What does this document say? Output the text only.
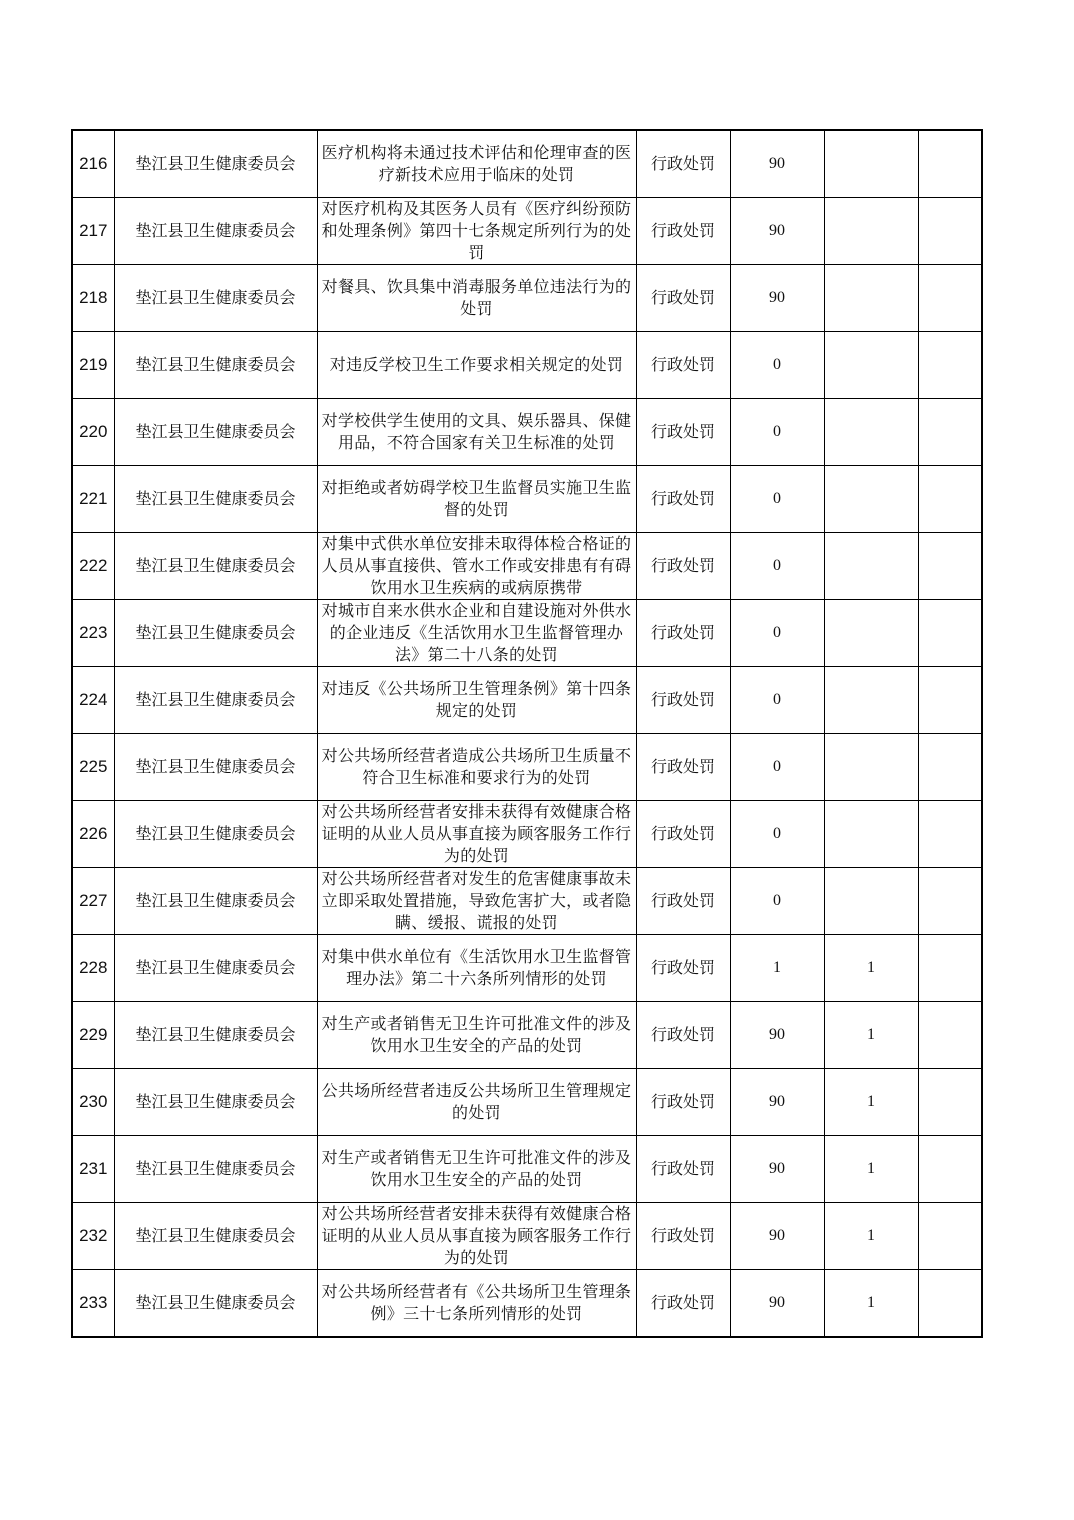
216	垫江县卫生健康委员会	医疗机构将未通过技术评估和伦理审查的医疗新技术应用于临床的处罚	行政处罚	90		
217	垫江县卫生健康委员会	对医疗机构及其医务人员有《医疗纠纷预防和处理条例》第四十七条规定所列行为的处罚	行政处罚	90		
218	垫江县卫生健康委员会	对餐具、饮具集中消毒服务单位违法行为的处罚	行政处罚	90		
219	垫江县卫生健康委员会	对违反学校卫生工作要求相关规定的处罚	行政处罚	0		
220	垫江县卫生健康委员会	对学校供学生使用的文具、娱乐器具、保健用品，不符合国家有关卫生标准的处罚	行政处罚	0		
221	垫江县卫生健康委员会	对拒绝或者妨碍学校卫生监督员实施卫生监督的处罚	行政处罚	0		
222	垫江县卫生健康委员会	对集中式供水单位安排未取得体检合格证的人员从事直接供、管水工作或安排患有有碍饮用水卫生疾病的或病原携带	行政处罚	0		
223	垫江县卫生健康委员会	对城市自来水供水企业和自建设施对外供水的企业违反《生活饮用水卫生监督管理办法》第二十八条的处罚	行政处罚	0		
224	垫江县卫生健康委员会	对违反《公共场所卫生管理条例》第十四条规定的处罚	行政处罚	0		
225	垫江县卫生健康委员会	对公共场所经营者造成公共场所卫生质量不符合卫生标准和要求行为的处罚	行政处罚	0		
226	垫江县卫生健康委员会	对公共场所经营者安排未获得有效健康合格证明的从业人员从事直接为顾客服务工作行为的处罚	行政处罚	0		
227	垫江县卫生健康委员会	对公共场所经营者对发生的危害健康事故未立即采取处置措施，导致危害扩大，或者隐瞒、缓报、谎报的处罚	行政处罚	0		
228	垫江县卫生健康委员会	对集中供水单位有《生活饮用水卫生监督管理办法》第二十六条所列情形的处罚	行政处罚	1	1	
229	垫江县卫生健康委员会	对生产或者销售无卫生许可批准文件的涉及饮用水卫生安全的产品的处罚	行政处罚	90	1	
230	垫江县卫生健康委员会	公共场所经营者违反公共场所卫生管理规定的处罚	行政处罚	90	1	
231	垫江县卫生健康委员会	对生产或者销售无卫生许可批准文件的涉及饮用水卫生安全的产品的处罚	行政处罚	90	1	
232	垫江县卫生健康委员会	对公共场所经营者安排未获得有效健康合格证明的从业人员从事直接为顾客服务工作行为的处罚	行政处罚	90	1	
233	垫江县卫生健康委员会	对公共场所经营者有《公共场所卫生管理条例》三十七条所列情形的处罚	行政处罚	90	1	
